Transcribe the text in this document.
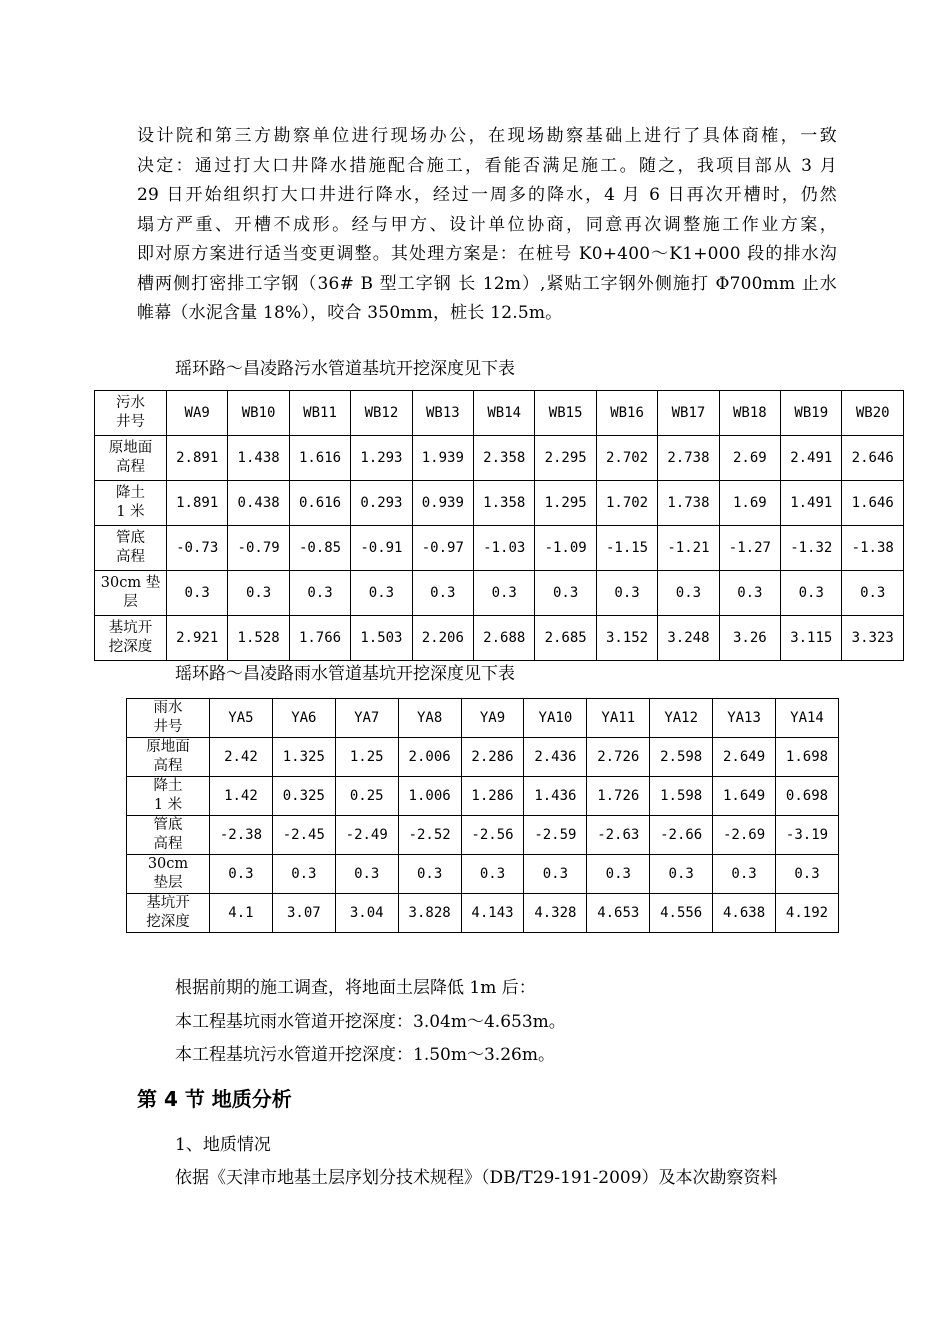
设计院和第三方勘察单位进行现场办公，在现场勘察基础上进行了具体商榷，一致

决定：通过打大口井降水措施配合施工，看能否满足施工。随之，我项目部从 3 月

29 日开始组织打大口井进行降水，经过一周多的降水，4 月 6 日再次开槽时，仍然

塌方严重、开槽不成形。经与甲方、设计单位协商，同意再次调整施工作业方案，

即对原方案进行适当变更调整。其处理方案是：在桩号 K0+400～K1+000 段的排水沟

槽两侧打密排工字钢（36# B 型工字钢 长 12m）,紧贴工字钢外侧施打 Φ700mm 止水

帷幕（水泥含量 18%），咬合 350mm，桩长 12.5m。

瑶环路～昌凌路污水管道基坑开挖深度见下表
污水
井号	WA9	WB10	WB11	WB12	WB13	WB14	WB15	WB16	WB17	WB18	WB19	WB20

原地面
高程	2.891	1.438	1.616	1.293	1.939	2.358	2.295	2.702	2.738	2.69	2.491	2.646

降土
1 米	1.891	0.438	0.616	0.293	0.939	1.358	1.295	1.702	1.738	1.69	1.491	1.646

管底
高程	-0.73	-0.79	-0.85	-0.91	-0.97	-1.03	-1.09	-1.15	-1.21	-1.27	-1.32	-1.38

30cm 垫
层	0.3	0.3	0.3	0.3	0.3	0.3	0.3	0.3	0.3	0.3	0.3	0.3

基坑开
挖深度	2.921	1.528	1.766	1.503	2.206	2.688	2.685	3.152	3.248	3.26	3.115	3.323
瑶环路～昌凌路雨水管道基坑开挖深度见下表
雨水
井号	YA5	YA6	YA7	YA8	YA9	YA10	YA11	YA12	YA13	YA14

原地面
高程	2.42	1.325	1.25	2.006	2.286	2.436	2.726	2.598	2.649	1.698

降土
1 米	1.42	0.325	0.25	1.006	1.286	1.436	1.726	1.598	1.649	0.698

管底
高程	-2.38	-2.45	-2.49	-2.52	-2.56	-2.59	-2.63	-2.66	-2.69	-3.19

30cm
垫层	0.3	0.3	0.3	0.3	0.3	0.3	0.3	0.3	0.3	0.3

基坑开
挖深度	4.1	3.07	3.04	3.828	4.143	4.328	4.653	4.556	4.638	4.192
根据前期的施工调查，将地面土层降低 1m 后：
本工程基坑雨水管道开挖深度：3.04m～4.653m。
本工程基坑污水管道开挖深度：1.50m～3.26m。
第 4 节 地质分析
1、地质情况
依据《天津市地基土层序划分技术规程》（DB/T29-191-2009）及本次勘察资料
